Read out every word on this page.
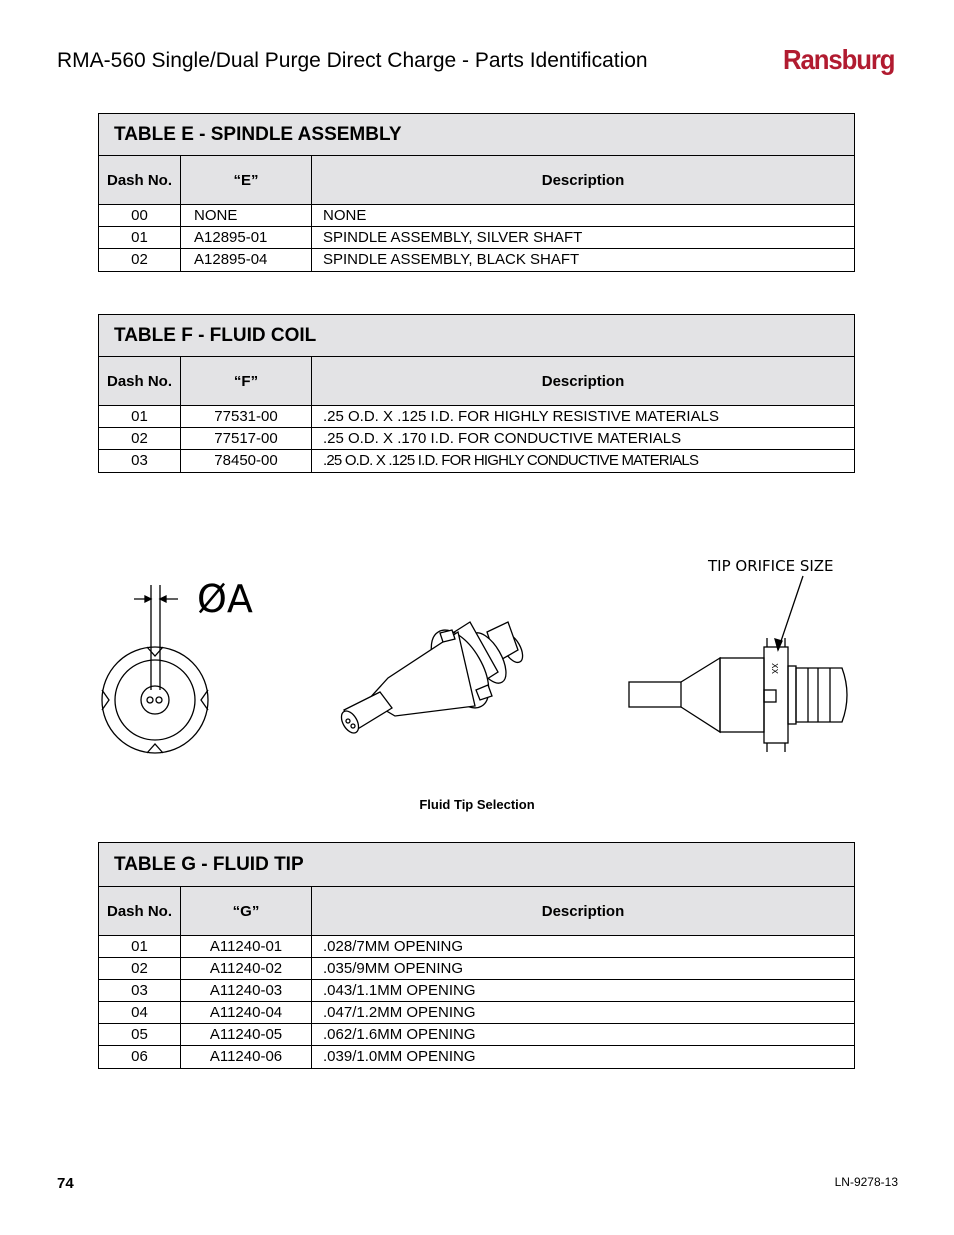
RMA-560 Single/Dual Purge Direct Charge - Parts Identification	Ransburg
TABLE E - SPINDLE ASSEMBLY
Dash No.	“E”	Description
00	NONE	NONE
01	A12895-01	SPINDLE ASSEMBLY, SILVER SHAFT
02	A12895-04	SPINDLE ASSEMBLY, BLACK SHAFT
TABLE F - FLUID COIL
Dash No.	“F”	Description
01	77531-00	.25 O.D. X .125 I.D. FOR HIGHLY RESISTIVE MATERIALS
02	77517-00	.25 O.D. X .170 I.D. FOR CONDUCTIVE MATERIALS
03	78450-00	.25 O.D. X .125 I.D. FOR HIGHLY CONDUCTIVE MATERIALS
ØA
TIP ORIFICE SIZE
XX
Fluid Tip Selection
TABLE G - FLUID TIP
Dash No.	“G”	Description
01	A11240-01	.028/7MM OPENING
02	A11240-02	.035/9MM OPENING
03	A11240-03	.043/1.1MM OPENING
04	A11240-04	.047/1.2MM OPENING
05	A11240-05	.062/1.6MM OPENING
06	A11240-06	.039/1.0MM OPENING
74	LN-9278-13
